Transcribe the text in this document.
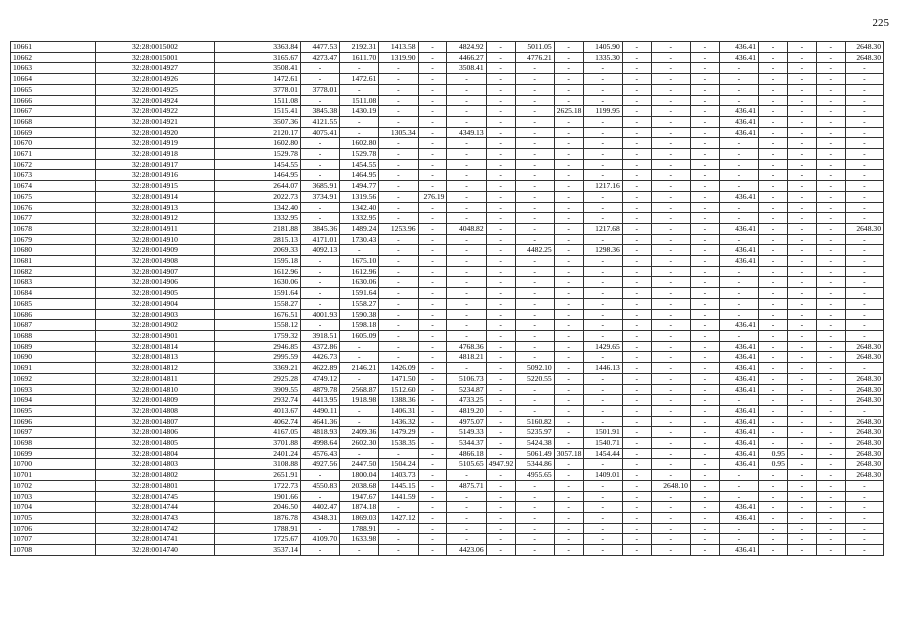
225
10661	32:28:0015002	3363.84	4477.53	2192.31	1413.58	-	4824.92	-	5011.05	-	1405.90	-	-	-	436.41	-	-	-	2648.30
10662	32:28:0015001	3165.67	4273.47	1611.70	1319.90	-	4466.27	-	4776.21	-	1335.30	-	-	-	436.41	-	-	-	2648.30
10663	32:28:0014927	3508.41	-	-	-	-	3508.41	-	-	-	-	-	-	-	-	-	-	-	-
10664	32:28:0014926	1472.61	-	1472.61	-	-	-	-	-	-	-	-	-	-	-	-	-	-	-
10665	32:28:0014925	3778.01	3778.01	-	-	-	-	-	-	-	-	-	-	-	-	-	-	-	-
10666	32:28:0014924	1511.08	-	1511.08	-	-	-	-	-	-	-	-	-	-	-	-	-	-	-
10667	32:28:0014922	1515.41	3845.38	1430.19	-	-	-	-	-	2625.18	1199.95	-	-	-	436.41	-	-	-	-
10668	32:28:0014921	3507.36	4121.55	-	-	-	-	-	-	-	-	-	-	-	436.41	-	-	-	-
10669	32:28:0014920	2120.17	4075.41	-	1305.34	-	4349.13	-	-	-	-	-	-	-	436.41	-	-	-	-
10670	32:28:0014919	1602.80	-	1602.80	-	-	-	-	-	-	-	-	-	-	-	-	-	-	-
10671	32:28:0014918	1529.78	-	1529.78	-	-	-	-	-	-	-	-	-	-	-	-	-	-	-
10672	32:28:0014917	1454.55	-	1454.55	-	-	-	-	-	-	-	-	-	-	-	-	-	-	-
10673	32:28:0014916	1464.95	-	1464.95	-	-	-	-	-	-	-	-	-	-	-	-	-	-	-
10674	32:28:0014915	2644.07	3685.91	1494.77	-	-	-	-	-	-	1217.16	-	-	-	-	-	-	-	-
10675	32:28:0014914	2022.73	3734.91	1319.56	-	276.19	-	-	-	-	-	-	-	-	436.41	-	-	-	-
10676	32:28:0014913	1342.40	-	1342.40	-	-	-	-	-	-	-	-	-	-	-	-	-	-	-
10677	32:28:0014912	1332.95	-	1332.95	-	-	-	-	-	-	-	-	-	-	-	-	-	-	-
10678	32:28:0014911	2181.88	3845.36	1489.24	1253.96	-	4048.82	-	-	-	1217.68	-	-	-	436.41	-	-	-	2648.30
10679	32:28:0014910	2815.13	4171.01	1730.43	-	-	-	-	-	-	-	-	-	-	-	-	-	-	-
10680	32:28:0014909	2069.33	4092.13	-	-	-	-	-	4482.25	-	1298.36	-	-	-	436.41	-	-	-	-
10681	32:28:0014908	1595.18	-	1675.10	-	-	-	-	-	-	-	-	-	-	436.41	-	-	-	-
10682	32:28:0014907	1612.96	-	1612.96	-	-	-	-	-	-	-	-	-	-	-	-	-	-	-
10683	32:28:0014906	1630.06	-	1630.06	-	-	-	-	-	-	-	-	-	-	-	-	-	-	-
10684	32:28:0014905	1591.64	-	1591.64	-	-	-	-	-	-	-	-	-	-	-	-	-	-	-
10685	32:28:0014904	1558.27	-	1558.27	-	-	-	-	-	-	-	-	-	-	-	-	-	-	-
10686	32:28:0014903	1676.51	4001.93	1590.38	-	-	-	-	-	-	-	-	-	-	-	-	-	-	-
10687	32:28:0014902	1558.12	-	1598.18	-	-	-	-	-	-	-	-	-	-	436.41	-	-	-	-
10688	32:28:0014901	1759.32	3918.51	1605.09	-	-	-	-	-	-	-	-	-	-	-	-	-	-	-
10689	32:28:0014814	2946.85	4372.86	-	-	-	4768.36	-	-	-	1429.65	-	-	-	436.41	-	-	-	2648.30
10690	32:28:0014813	2995.59	4426.73	-	-	-	4818.21	-	-	-	-	-	-	-	436.41	-	-	-	2648.30
10691	32:28:0014812	3369.21	4622.89	2146.21	1426.09	-	-	-	5092.10	-	1446.13	-	-	-	436.41	-	-	-	-
10692	32:28:0014811	2925.28	4749.12	-	1471.50	-	5106.73	-	5220.55	-	-	-	-	-	436.41	-	-	-	2648.30
10693	32:28:0014810	3909.55	4879.78	2568.87	1512.60	-	5234.87	-	-	-	-	-	-	-	436.41	-	-	-	2648.30
10694	32:28:0014809	2932.74	4413.95	1918.98	1388.36	-	4733.25	-	-	-	-	-	-	-	-	-	-	-	2648.30
10695	32:28:0014808	4013.67	4490.11	-	1406.31	-	4819.20	-	-	-	-	-	-	-	436.41	-	-	-	-
10696	32:28:0014807	4062.74	4641.36	-	1436.32	-	4975.07	-	5160.82	-	-	-	-	-	436.41	-	-	-	2648.30
10697	32:28:0014806	4167.05	4818.93	2409.36	1479.29	-	5149.33	-	5235.97	-	1501.91	-	-	-	436.41	-	-	-	2648.30
10698	32:28:0014805	3701.88	4998.64	2602.30	1538.35	-	5344.37	-	5424.38	-	1540.71	-	-	-	436.41	-	-	-	2648.30
10699	32:28:0014804	2401.24	4576.43	-	-	-	4866.18	-	5061.49	3057.18	1454.44	-	-	-	436.41	0.95	-	-	2648.30
10700	32:28:0014803	3108.88	4927.56	2447.50	1504.24	-	5105.65	4947.92	5344.86	-	-	-	-	-	436.41	0.95	-	-	2648.30
10701	32:28:0014802	2651.91	-	1800.04	1403.73	-	-	-	4955.65	-	1409.01	-	-	-	-	-	-	-	2648.30
10702	32:28:0014801	1722.73	4550.83	2038.68	1445.15	-	4875.71	-	-	-	-	-	2648.10	-	-	-	-	-	-
10703	32:28:0014745	1901.66	-	1947.67	1441.59	-	-	-	-	-	-	-	-	-	-	-	-	-	-
10704	32:28:0014744	2046.50	4402.47	1874.18	-	-	-	-	-	-	-	-	-	-	436.41	-	-	-	-
10705	32:28:0014743	1876.78	4348.31	1869.03	1427.12	-	-	-	-	-	-	-	-	-	436.41	-	-	-	-
10706	32:28:0014742	1788.91	-	1788.91	-	-	-	-	-	-	-	-	-	-	-	-	-	-	-
10707	32:28:0014741	1725.67	4109.70	1633.98	-	-	-	-	-	-	-	-	-	-	-	-	-	-	-
10708	32:28:0014740	3537.14	-	-	-	-	4423.06	-	-	-	-	-	-	-	436.41	-	-	-	-
